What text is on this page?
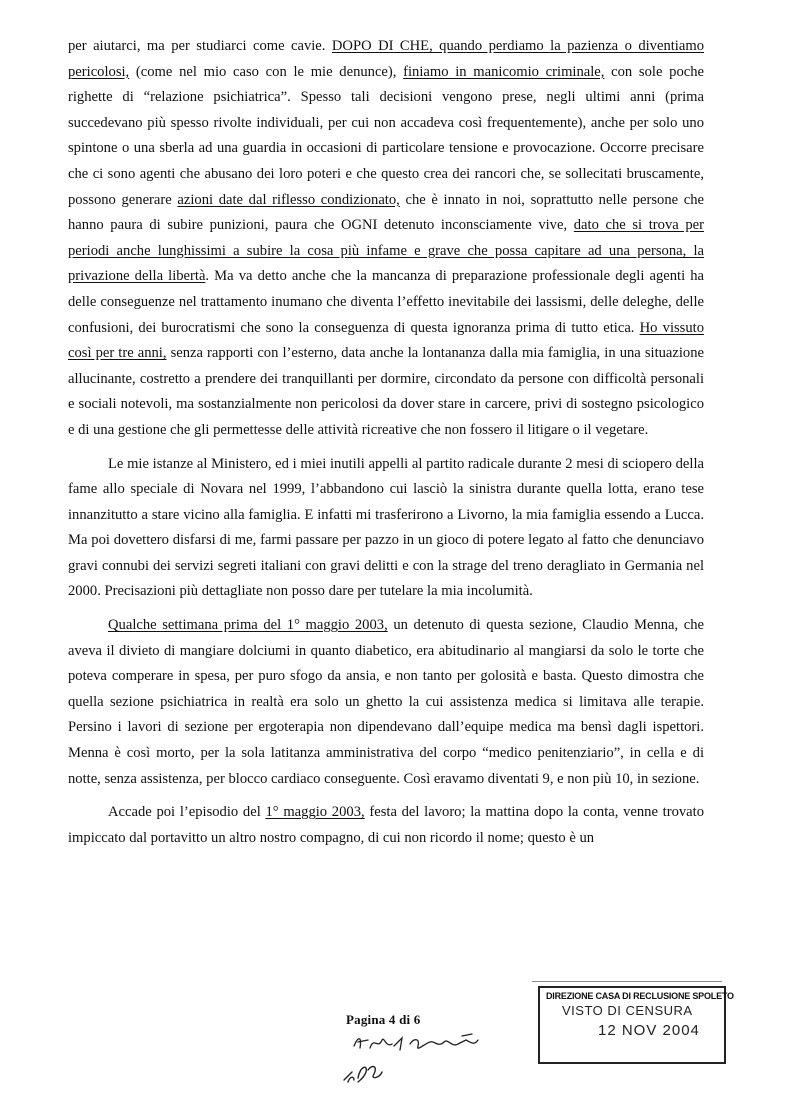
per aiutarci, ma per studiarci come cavie. DOPO DI CHE, quando perdiamo la pazienza o diventiamo pericolosi, (come nel mio caso con le mie denunce), finiamo in manicomio criminale, con sole poche righette di “relazione psichiatrica”. Spesso tali decisioni vengono prese, negli ultimi anni (prima succedevano più spesso rivolte individuali, per cui non accadeva così frequentemente), anche per solo uno spintone o una sberla ad una guardia in occasioni di particolare tensione e provocazione. Occorre precisare che ci sono agenti che abusano dei loro poteri e che questo crea dei rancori che, se sollecitati bruscamente, possono generare azioni date dal riflesso condizionato, che è innato in noi, soprattutto nelle persone che hanno paura di subire punizioni, paura che OGNI detenuto inconsciamente vive, dato che si trova per periodi anche lunghissimi a subire la cosa più infame e grave che possa capitare ad una persona, la privazione della libertà. Ma va detto anche che la mancanza di preparazione professionale degli agenti ha delle conseguenze nel trattamento inumano che diventa l’effetto inevitabile dei lassismi, delle deleghe, delle confusioni, dei burocratismi che sono la conseguenza di questa ignoranza prima di tutto etica. Ho vissuto così per tre anni, senza rapporti con l’esterno, data anche la lontananza dalla mia famiglia, in una situazione allucinante, costretto a prendere dei tranquillanti per dormire, circondato da persone con difficoltà personali e sociali notevoli, ma sostanzialmente non pericolosi da dover stare in carcere, privi di sostegno psicologico e di una gestione che gli permettesse delle attività ricreative che non fossero il litigare o il vegetare.

Le mie istanze al Ministero, ed i miei inutili appelli al partito radicale durante 2 mesi di sciopero della fame allo speciale di Novara nel 1999, l’abbandono cui lasciò la sinistra durante quella lotta, erano tese innanzitutto a stare vicino alla famiglia. E infatti mi trasferirono a Livorno, la mia famiglia essendo a Lucca. Ma poi dovettero disfarsi di me, farmi passare per pazzo in un gioco di potere legato al fatto che denunciavo gravi connubi dei servizi segreti italiani con gravi delitti e con la strage del treno deragliato in Germania nel 2000. Precisazioni più dettagliate non posso dare per tutelare la mia incolumità.

Qualche settimana prima del 1° maggio 2003, un detenuto di questa sezione, Claudio Menna, che aveva il divieto di mangiare dolciumi in quanto diabetico, era abitudinario al mangiarsi da solo le torte che poteva comperare in spesa, per puro sfogo da ansia, e non tanto per golosità e basta. Questo dimostra che quella sezione psichiatrica in realtà era solo un ghetto la cui assistenza medica si limitava alle terapie. Persino i lavori di sezione per ergoterapia non dipendevano dall’equipe medica ma bensì dagli ispettori. Menna è così morto, per la sola latitanza amministrativa del corpo “medico penitenziario”, in cella e di notte, senza assistenza, per blocco cardiaco conseguente. Così eravamo diventati 9, e non più 10, in sezione.

Accade poi l’episodio del 1° maggio 2003, festa del lavoro; la mattina dopo la conta, venne trovato impiccato dal portavitto un altro nostro compagno, di cui non ricordo il nome; questo è un

DIREZIONE CASA DI RECLUSIONE SPOLETO
VISTO DI CENSURA
12 NOV 2004
Pagina 4 di 6
